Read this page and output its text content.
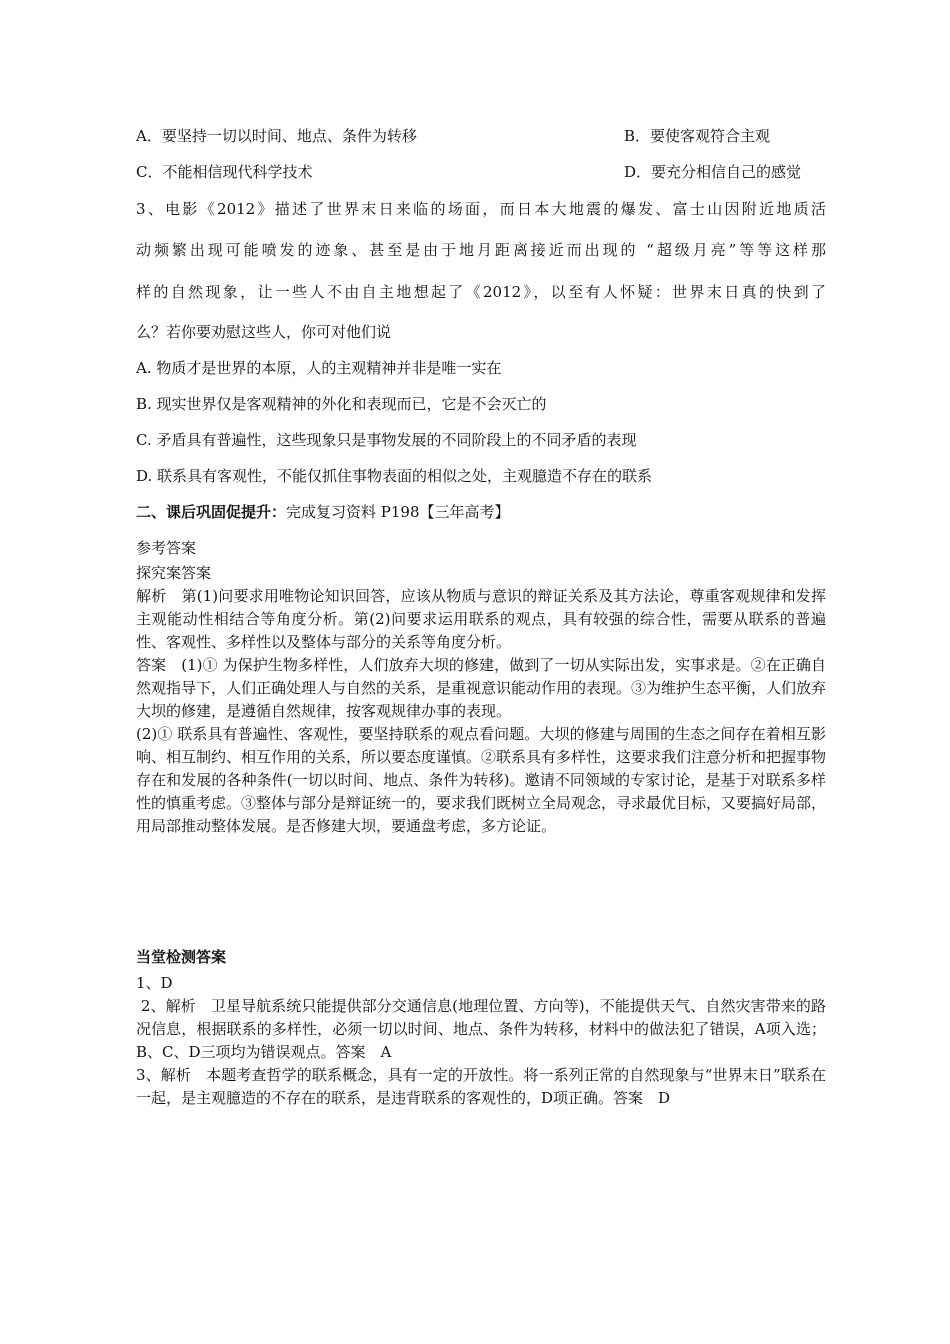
A．要坚持一切以时间、地点、条件为转移	B．要使客观符合主观
C．不能相信现代科学技术	D．要充分相信自己的感觉
3、电影《2012》描述了世界末日来临的场面，而日本大地震的爆发、富士山因附近地质活
动频繁出现可能喷发的迹象、甚至是由于地月距离接近而出现的 “超级月亮”等等这样那
样的自然现象，让一些人不由自主地想起了《2012》，以至有人怀疑：世界末日真的快到了
么？若你要劝慰这些人，你可对他们说
A. 物质才是世界的本原，人的主观精神并非是唯一实在
B. 现实世界仅是客观精神的外化和表现而已，它是不会灭亡的
C. 矛盾具有普遍性，这些现象只是事物发展的不同阶段上的不同矛盾的表现
D. 联系具有客观性，不能仅抓住事物表面的相似之处，主观臆造不存在的联系
二、课后巩固促提升：完成复习资料 P198【三年高考】
参考答案
探究案答案

解析　第(1)问要求用唯物论知识回答，应该从物质与意识的辩证关系及其方法论，尊重客观规律和发挥主观能动性相结合等角度分析。第(2)问要求运用联系的观点，具有较强的综合性，需要从联系的普遍性、客观性、多样性以及整体与部分的关系等角度分析。

答案　(1)① 为保护生物多样性，人们放弃大坝的修建，做到了一切从实际出发，实事求是。②在正确自然观指导下，人们正确处理人与自然的关系，是重视意识能动作用的表现。③为维护生态平衡，人们放弃大坝的修建，是遵循自然规律，按客观规律办事的表现。

(2)① 联系具有普遍性、客观性，要坚持联系的观点看问题。大坝的修建与周围的生态之间存在着相互影响、相互制约、相互作用的关系，所以要态度谨慎。②联系具有多样性，这要求我们注意分析和把握事物存在和发展的各种条件(一切以时间、地点、条件为转移)。邀请不同领域的专家讨论，是基于对联系多样性的慎重考虑。③整体与部分是辩证统一的，要求我们既树立全局观念，寻求最优目标，又要搞好局部，用局部推动整体发展。是否修建大坝，要通盘考虑，多方论证。

当堂检测答案

1、D

2、解析　卫星导航系统只能提供部分交通信息(地理位置、方向等)，不能提供天气、自然灾害带来的路况信息，根据联系的多样性，必须一切以时间、地点、条件为转移，材料中的做法犯了错误，A项入选；B、C、D三项均为错误观点。答案　A

3、解析　本题考查哲学的联系概念，具有一定的开放性。将一系列正常的自然现象与“世界末日”联系在一起，是主观臆造的不存在的联系，是违背联系的客观性的，D项正确。答案　D
